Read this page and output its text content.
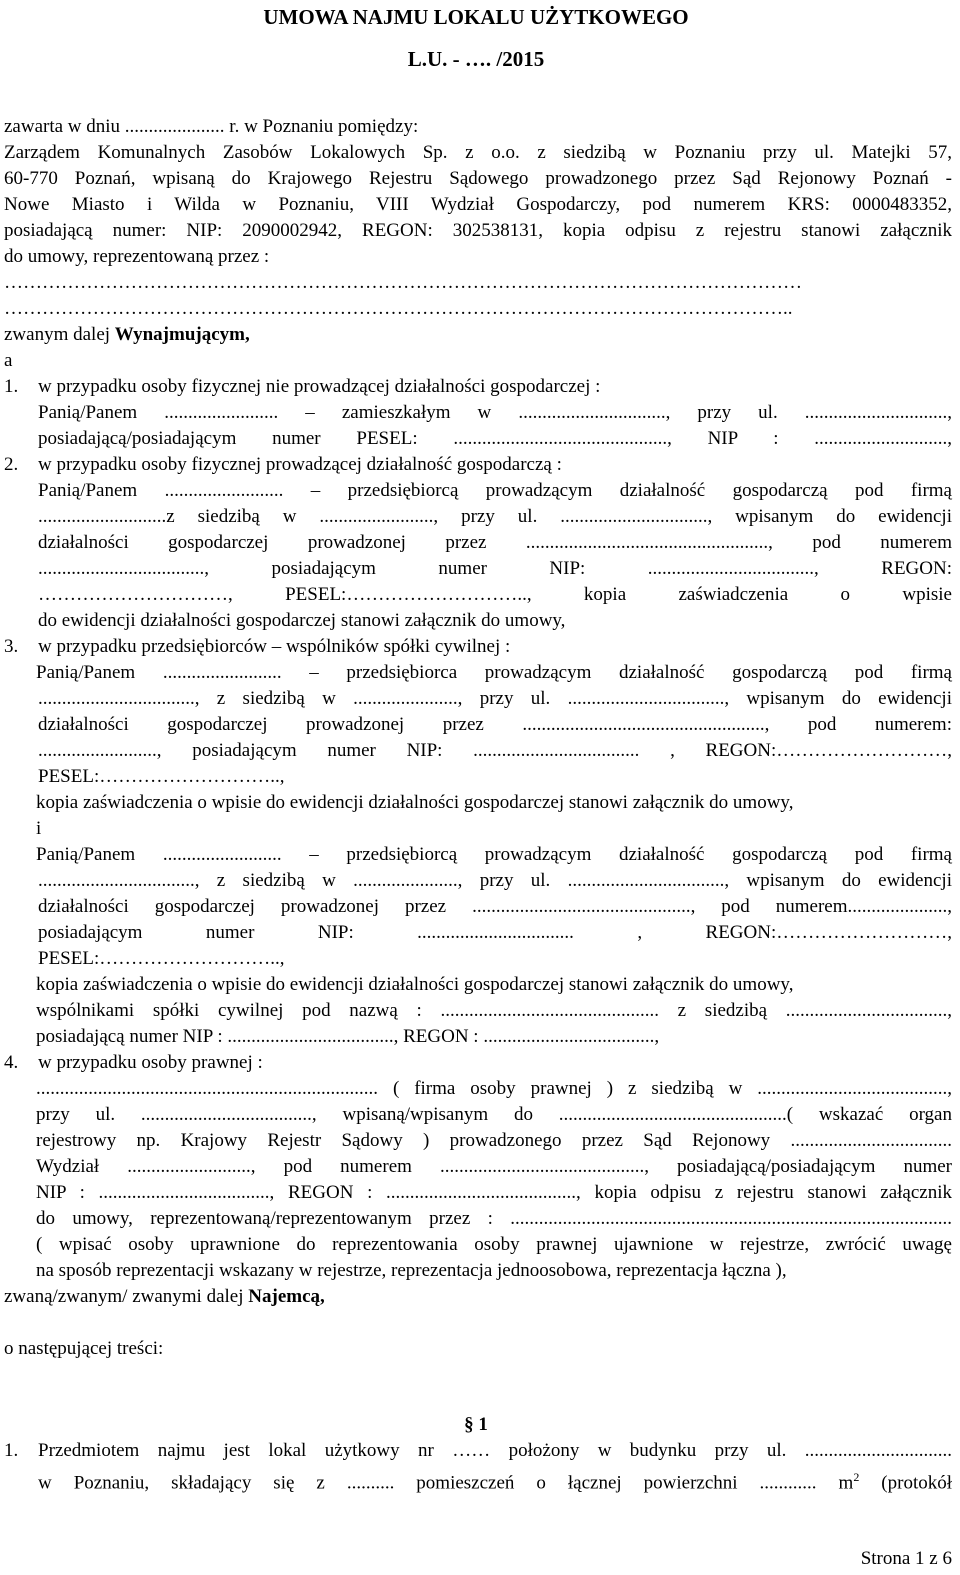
UMOWA NAJMU LOKALU UŻYTKOWEGO
L.U. - …. /2015
zawarta w dniu ..................... r. w Poznaniu pomiędzy:
Zarządem Komunalnych Zasobów Lokalowych Sp. z o.o. z siedzibą w Poznaniu przy ul. Matejki 57,
60-770 Poznań, wpisaną do Krajowego Rejestru Sądowego prowadzonego przez Sąd Rejonowy Poznań -
Nowe Miasto i Wilda w Poznaniu, VIII Wydział Gospodarczy, pod numerem KRS: 0000483352,
posiadającą numer: NIP: 2090002942, REGON: 302538131, kopia odpisu z rejestru stanowi załącznik
do umowy, reprezentowaną przez :
………………………………………………………………………………………………………………
……………………………………………………………………………………………………………..
zwanym dalej Wynajmującym,
a
1. w przypadku osoby fizycznej nie prowadzącej działalności gospodarczej :
Panią/Panem ........................ – zamieszkałym w ..............................., przy ul. ..............................,
posiadającą/posiadającym numer PESEL: ............................................., NIP : ............................,
2. w przypadku osoby fizycznej prowadzącej działalność gospodarczą :
Panią/Panem ......................... – przedsiębiorcą prowadzącym działalność gospodarczą pod firmą
...........................z siedzibą w ........................, przy ul. ..............................., wpisanym do ewidencji
działalności gospodarczej prowadzonej przez ..................................................., pod numerem
..................................., posiadającym numer NIP: ..................................., REGON:
…………………………, PESEL:……………………….., kopia zaświadczenia o wpisie
do ewidencji działalności gospodarczej stanowi załącznik do umowy,
3. w przypadku przedsiębiorców – wspólników spółki cywilnej :
Panią/Panem ......................... – przedsiębiorca prowadzącym działalność gospodarczą pod firmą
................................., z siedzibą w ......................, przy ul. ................................., wpisanym do ewidencji
działalności gospodarczej prowadzonej przez ..................................................., pod numerem:
........................., posiadającym numer NIP: ................................... , REGON:………………………,
PESEL:………………………..,
kopia zaświadczenia o wpisie do ewidencji działalności gospodarczej stanowi załącznik do umowy,
i
Panią/Panem ......................... – przedsiębiorcą prowadzącym działalność gospodarczą pod firmą
................................., z siedzibą w ......................, przy ul. ................................., wpisanym do ewidencji
działalności gospodarczej prowadzonej przez .............................................., pod numerem.....................,
posiadającym numer NIP: ................................. , REGON:………………………,
PESEL:………………………..,
kopia zaświadczenia o wpisie do ewidencji działalności gospodarczej stanowi załącznik do umowy,
wspólnikami spółki cywilnej pod nazwą : .............................................. z siedzibą ..................................,
posiadającą numer NIP : ..................................., REGON : ....................................,
4. w przypadku osoby prawnej :
........................................................................ ( firma osoby prawnej ) z siedzibą w ........................................,
przy ul. ...................................., wpisaną/wpisanym do ................................................( wskazać organ
rejestrowy np. Krajowy Rejestr Sądowy ) prowadzonego przez Sąd Rejonowy ..................................
Wydział .........................., pod numerem ..........................................., posiadającą/posiadającym numer
NIP : ...................................., REGON : ........................................, kopia odpisu z rejestru stanowi załącznik
do umowy, reprezentowaną/reprezentowanym przez : .............................................................................................
( wpisać osoby uprawnione do reprezentowania osoby prawnej ujawnione w rejestrze, zwrócić uwagę
na sposób reprezentacji wskazany w rejestrze, reprezentacja jednoosobowa, reprezentacja łączna ),
zwaną/zwanym/ zwanymi dalej Najemcą,
o następującej treści:
§ 1
1. Przedmiotem najmu jest lokal użytkowy nr …… położony w budynku przy ul. ...............................
w Poznaniu, składający się z .......... pomieszczeń o łącznej powierzchni ............ $m^2$ (protokół
Strona 1 z 6
